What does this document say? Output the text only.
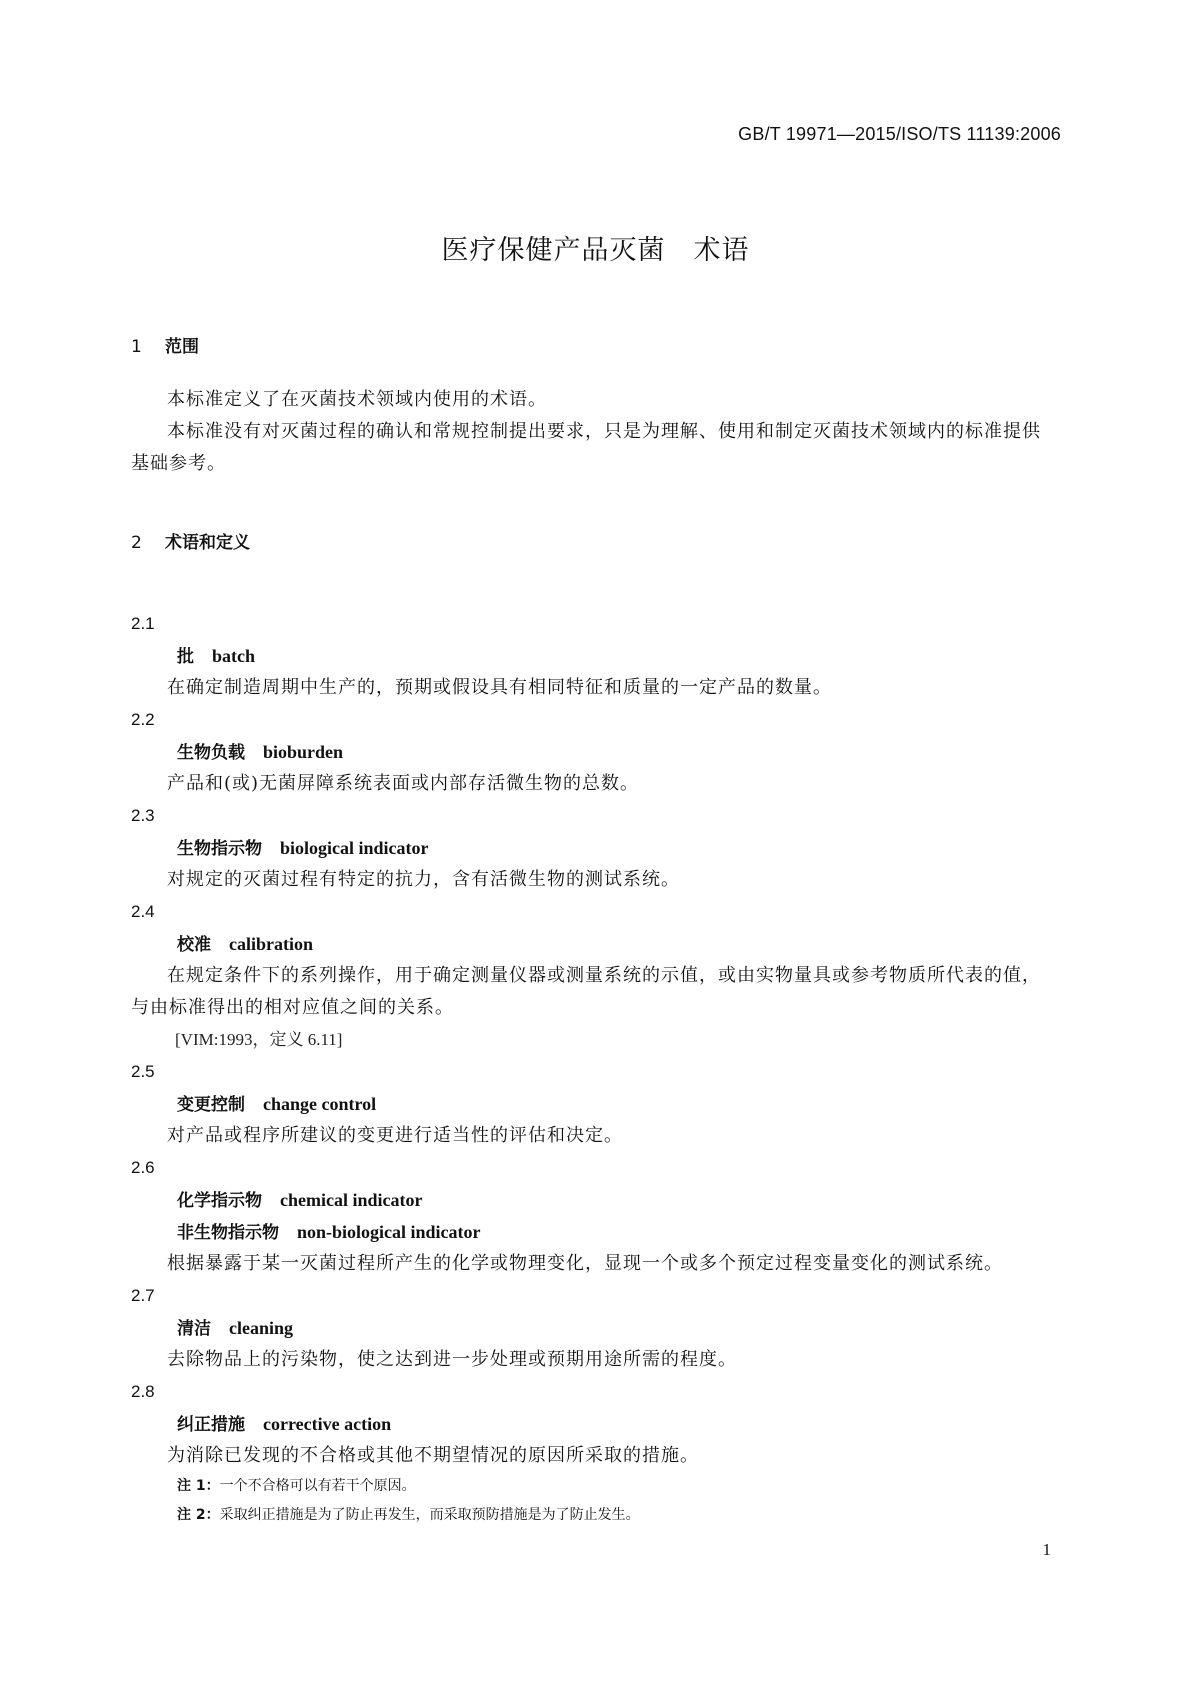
GB/T 19971—2015/ISO/TS 11139:2006
医疗保健产品灭菌　术语
1 范围

本标准定义了在灭菌技术领域内使用的术语。

本标准没有对灭菌过程的确认和常规控制提出要求，只是为理解、使用和制定灭菌技术领域内的标准提供基础参考。

2 术语和定义
2.1
批 batch

在确定制造周期中生产的，预期或假设具有相同特征和质量的一定产品的数量。

2.2
生物负载 bioburden

产品和(或)无菌屏障系统表面或内部存活微生物的总数。

2.3
生物指示物 biological indicator

对规定的灭菌过程有特定的抗力，含有活微生物的测试系统。

2.4
校准 calibration

在规定条件下的系列操作，用于确定测量仪器或测量系统的示值，或由实物量具或参考物质所代表的值，与由标准得出的相对应值之间的关系。

[VIM:1993，定义 6.11]
2.5
变更控制 change control

对产品或程序所建议的变更进行适当性的评估和决定。

2.6
化学指示物 chemical indicator
非生物指示物 non-biological indicator

根据暴露于某一灭菌过程所产生的化学或物理变化，显现一个或多个预定过程变量变化的测试系统。

2.7
清洁 cleaning

去除物品上的污染物，使之达到进一步处理或预期用途所需的程度。

2.8
纠正措施 corrective action

为消除已发现的不合格或其他不期望情况的原因所采取的措施。

注 1：一个不合格可以有若干个原因。
注 2：采取纠正措施是为了防止再发生，而采取预防措施是为了防止发生。
1
